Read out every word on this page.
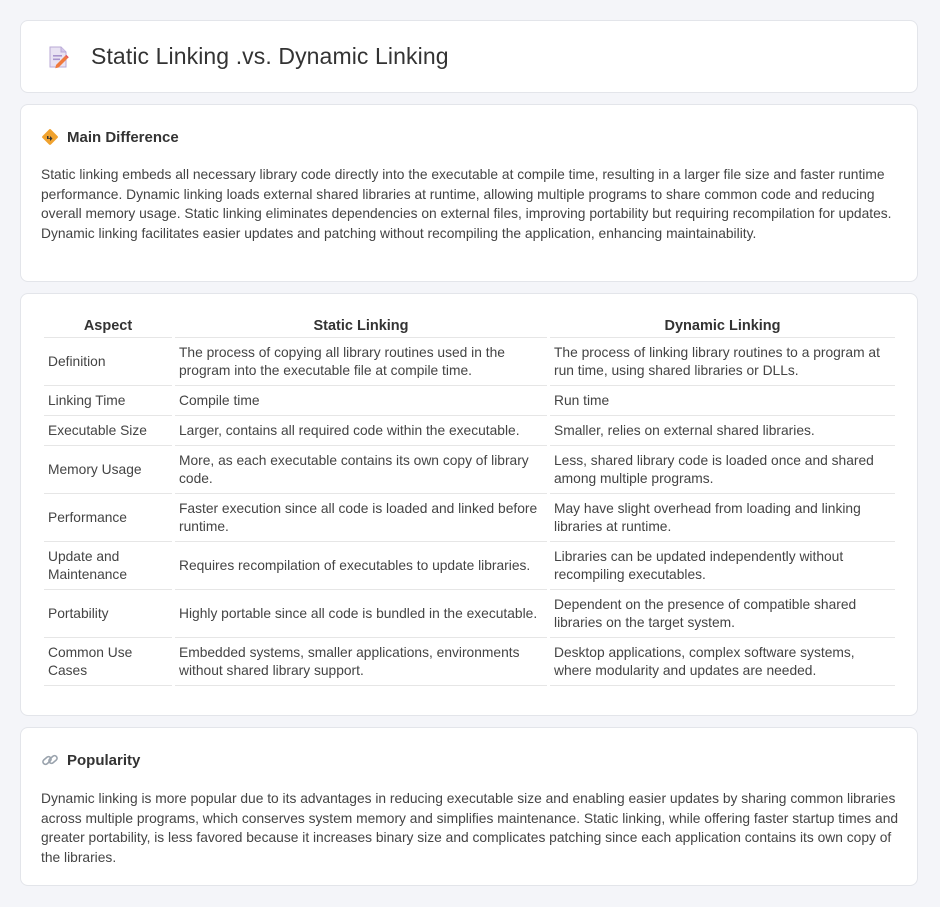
Static Linking .vs. Dynamic Linking
Main Difference

Static linking embeds all necessary library code directly into the executable at compile time, resulting in a larger file size and faster runtime performance. Dynamic linking loads external shared libraries at runtime, allowing multiple programs to share common code and reducing overall memory usage. Static linking eliminates dependencies on external files, improving portability but requiring recompilation for updates. Dynamic linking facilitates easier updates and patching without recompiling the application, enhancing maintainability.

Aspect	Static Linking	Dynamic Linking
Definition	The process of copying all library routines used in the program into the executable file at compile time.	The process of linking library routines to a program at run time, using shared libraries or DLLs.
Linking Time	Compile time	Run time
Executable Size	Larger, contains all required code within the executable.	Smaller, relies on external shared libraries.
Memory Usage	More, as each executable contains its own copy of library code.	Less, shared library code is loaded once and shared among multiple programs.
Performance	Faster execution since all code is loaded and linked before runtime.	May have slight overhead from loading and linking libraries at runtime.
Update and Maintenance	Requires recompilation of executables to update libraries.	Libraries can be updated independently without recompiling executables.
Portability	Highly portable since all code is bundled in the executable.	Dependent on the presence of compatible shared libraries on the target system.
Common Use Cases	Embedded systems, smaller applications, environments without shared library support.	Desktop applications, complex software systems, where modularity and updates are needed.
Popularity

Dynamic linking is more popular due to its advantages in reducing executable size and enabling easier updates by sharing common libraries across multiple programs, which conserves system memory and simplifies maintenance. Static linking, while offering faster startup times and greater portability, is less favored because it increases binary size and complicates patching since each application contains its own copy of the libraries.
